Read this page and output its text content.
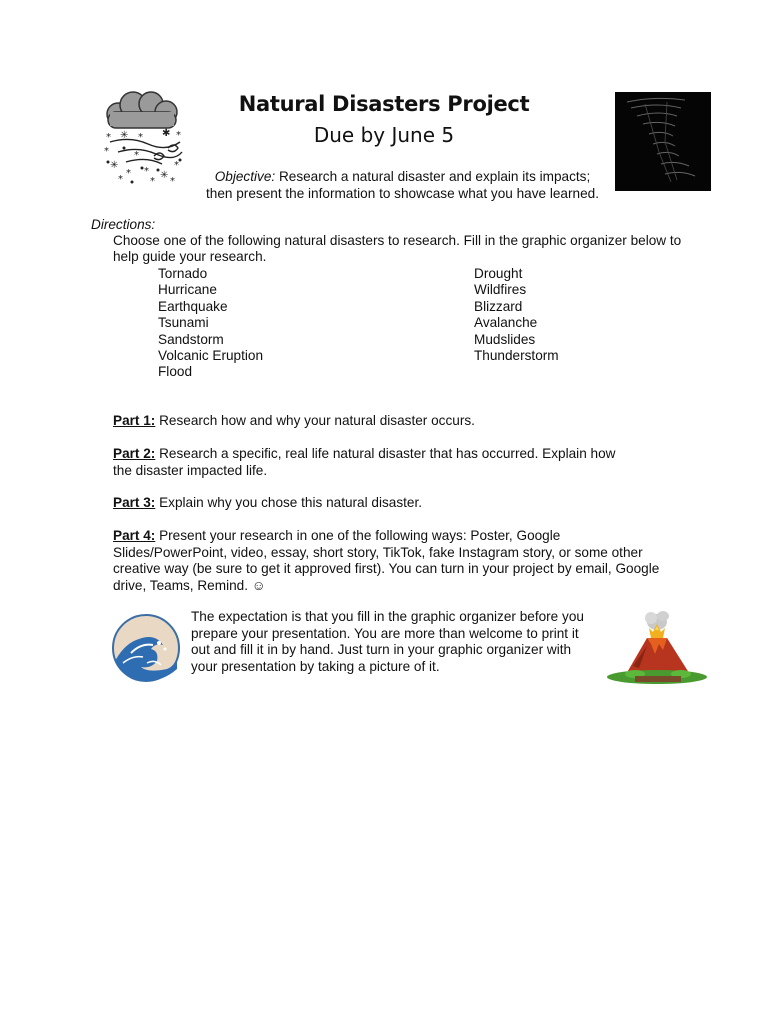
* ✳ * ✱ *
*
✳
* * ✳
*
*
*	* *
Natural Disasters Project
Due by June 5
Objective: Research a natural disaster and explain its impacts;
then present the information to showcase what you have learned.
Directions:
Choose one of the following natural disasters to research. Fill in the graphic organizer below to help guide your research.
Tornado
Hurricane
Earthquake
Tsunami
Sandstorm
Volcanic Eruption
Flood
Drought
Wildfires
Blizzard
Avalanche
Mudslides
Thunderstorm
Part 1: Research how and why your natural disaster occurs.
Part 2: Research a specific, real life natural disaster that has occurred. Explain how the disaster impacted life.
Part 3: Explain why you chose this natural disaster.
Part 4: Present your research in one of the following ways: Poster, Google Slides/PowerPoint, video, essay, short story, TikTok, fake Instagram story, or some other creative way (be sure to get it approved first). You can turn in your project by email, Google drive, Teams, Remind. ☺
The expectation is that you fill in the graphic organizer before you prepare your presentation. You are more than welcome to print it out and fill it in by hand. Just turn in your graphic organizer with your presentation by taking a picture of it.
